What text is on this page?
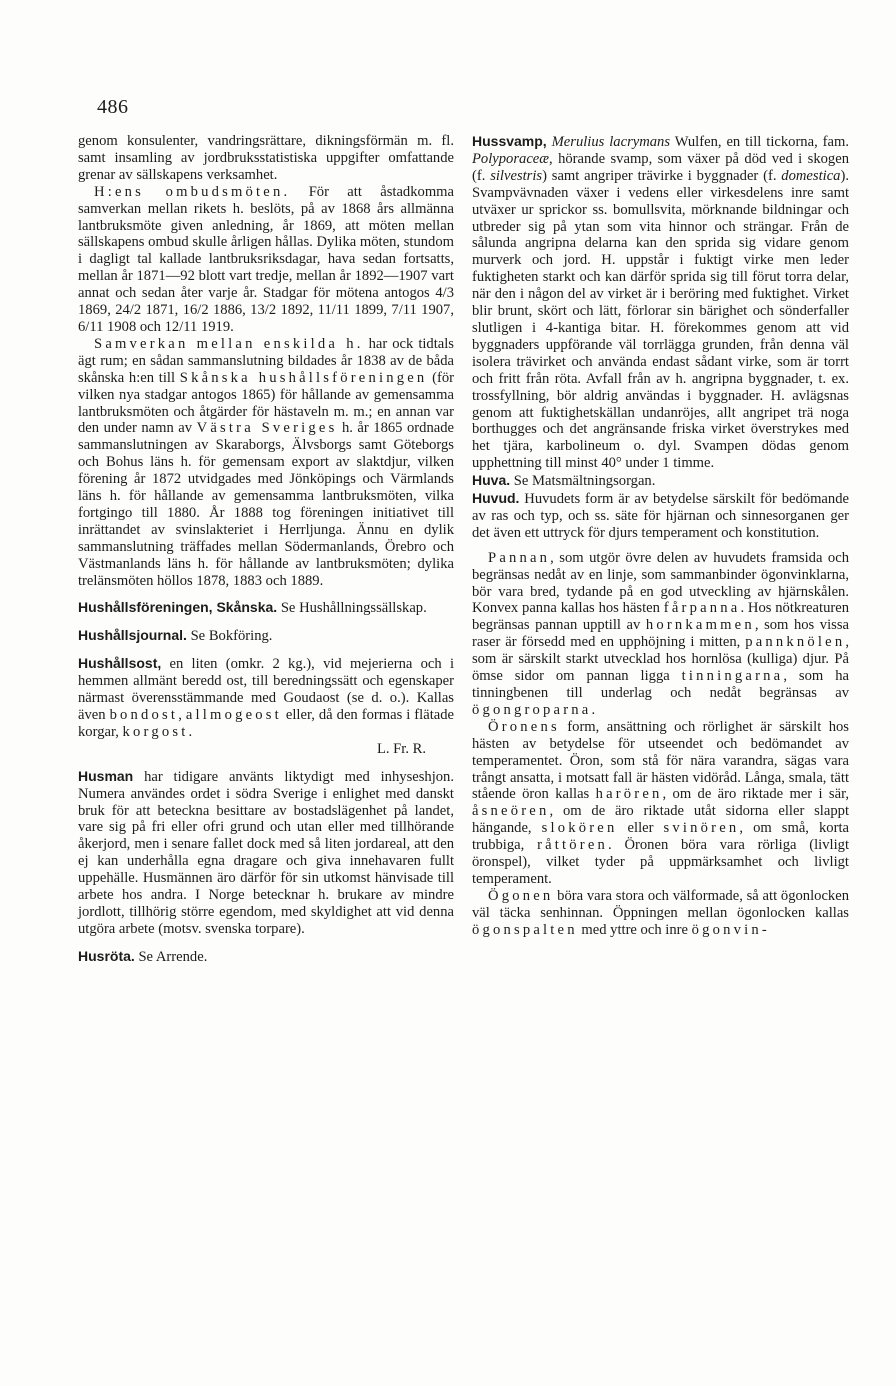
486

genom konsulenter, vandringsrättare, dikningsförmän m. fl. samt insamling av jordbruksstatistiska uppgifter omfattande grenar av sällskapens verksamhet.

H:ens ombudsmöten. För att åstadkomma samverkan mellan rikets h. beslöts, på av 1868 års allmänna lantbruksmöte given anledning, år 1869, att möten mellan sällskapens ombud skulle årligen hållas. Dylika möten, stundom i dagligt tal kallade lantbruksriksdagar, hava sedan fortsatts, mellan år 1871—92 blott vart tredje, mellan år 1892—1907 vart annat och sedan åter varje år. Stadgar för mötena antogos 4/3 1869, 24/2 1871, 16/2 1886, 13/2 1892, 11/11 1899, 7/11 1907, 6/11 1908 och 12/11 1919.

Samverkan mellan enskilda h. har ock tidtals ägt rum; en sådan sammanslutning bildades år 1838 av de båda skånska h:en till Skånska hushållsföreningen (för vilken nya stadgar antogos 1865) för hållande av gemensamma lantbruksmöten och åtgärder för hästaveln m. m.; en annan var den under namn av Västra Sveriges h. år 1865 ordnade sammanslutningen av Skaraborgs, Älvsborgs samt Göteborgs och Bohus läns h. för gemensam export av slaktdjur, vilken förening år 1872 utvidgades med Jönköpings och Värmlands läns h. för hållande av gemensamma lantbruksmöten, vilka fortgingo till 1880. År 1888 tog föreningen initiativet till inrättandet av svinslakteriet i Herrljunga. Ännu en dylik sammanslutning träffades mellan Södermanlands, Örebro och Västmanlands läns h. för hållande av lantbruksmöten; dylika trelänsmöten höllos 1878, 1883 och 1889.

Hushållsföreningen, Skånska. Se Hushållningssällskap.

Hushållsjournal. Se Bokföring.

Hushållsost, en liten (omkr. 2 kg.), vid mejerierna och i hemmen allmänt beredd ost, till beredningssätt och egenskaper närmast överensstämmande med Goudaost (se d. o.). Kallas även bondost, allmogeost eller, då den formas i flätade korgar, korgost.

L. Fr. R.

Husman har tidigare använts liktydigt med inhyseshjon. Numera användes ordet i södra Sverige i enlighet med danskt bruk för att beteckna besittare av bostadslägenhet på landet, vare sig på fri eller ofri grund och utan eller med tillhörande åkerjord, men i senare fallet dock med så liten jordareal, att den ej kan underhålla egna dragare och giva innehavaren fullt uppehälle. Husmännen äro därför för sin utkomst hänvisade till arbete hos andra. I Norge betecknar h. brukare av mindre jordlott, tillhörig större egendom, med skyldighet att vid denna utgöra arbete (motsv. svenska torpare).

Husröta. Se Arrende.

Hussvamp, Merulius lacrymans Wulfen, en till tickorna, fam. Polyporaceæ, hörande svamp, som växer på död ved i skogen (f. silvestris) samt angriper trävirke i byggnader (f. domestica). Svampvävnaden växer i vedens eller virkesdelens inre samt utväxer ur sprickor ss. bomullsvita, mörknande bildningar och utbreder sig på ytan som vita hinnor och strängar. Från de sålunda angripna delarna kan den sprida sig vidare genom murverk och jord. H. uppstår i fuktigt virke men leder fuktigheten starkt och kan därför sprida sig till förut torra delar, när den i någon del av virket är i beröring med fuktighet. Virket blir brunt, skört och lätt, förlorar sin bärighet och sönderfaller slutligen i 4-kantiga bitar. H. förekommes genom att vid byggnaders uppförande väl torrlägga grunden, från denna väl isolera trävirket och använda endast sådant virke, som är torrt och fritt från röta. Avfall från av h. angripna byggnader, t. ex. trossfyllning, bör aldrig användas i byggnader. H. avlägsnas genom att fuktighetskällan undanröjes, allt angripet trä noga borthugges och det angränsande friska virket överstrykes med het tjära, karbolineum o. dyl. Svampen dödas genom upphettning till minst 40° under 1 timme.

Huva. Se Matsmältningsorgan.

Huvud. Huvudets form är av betydelse särskilt för bedömande av ras och typ, och ss. säte för hjärnan och sinnesorganen ger det även ett uttryck för djurs temperament och konstitution.

Pannan, som utgör övre delen av huvudets framsida och begränsas nedåt av en linje, som sammanbinder ögonvinklarna, bör vara bred, tydande på en god utveckling av hjärnskålen. Konvex panna kallas hos hästen fårpanna. Hos nötkreaturen begränsas pannan upptill av hornkammen, som hos vissa raser är försedd med en upphöjning i mitten, pannknölen, som är särskilt starkt utvecklad hos hornlösa (kulliga) djur. På ömse sidor om pannan ligga tinningarna, som ha tinningbenen till underlag och nedåt begränsas av ögongroparna.

Öronens form, ansättning och rörlighet är särskilt hos hästen av betydelse för utseendet och bedömandet av temperamentet. Öron, som stå för nära varandra, sägas vara trångt ansatta, i motsatt fall är hästen vidöråd. Långa, smala, tätt stående öron kallas harören, om de äro riktade mer i sär, åsneören, om de äro riktade utåt sidorna eller slappt hängande, slokören eller svinören, om små, korta trubbiga, råttören. Öronen böra vara rörliga (livligt öronspel), vilket tyder på uppmärksamhet och livligt temperament.

Ögonen böra vara stora och välformade, så att ögonlocken väl täcka senhinnan. Öppningen mellan ögonlocken kallas ögonspalten med yttre och inre ögonvin-
